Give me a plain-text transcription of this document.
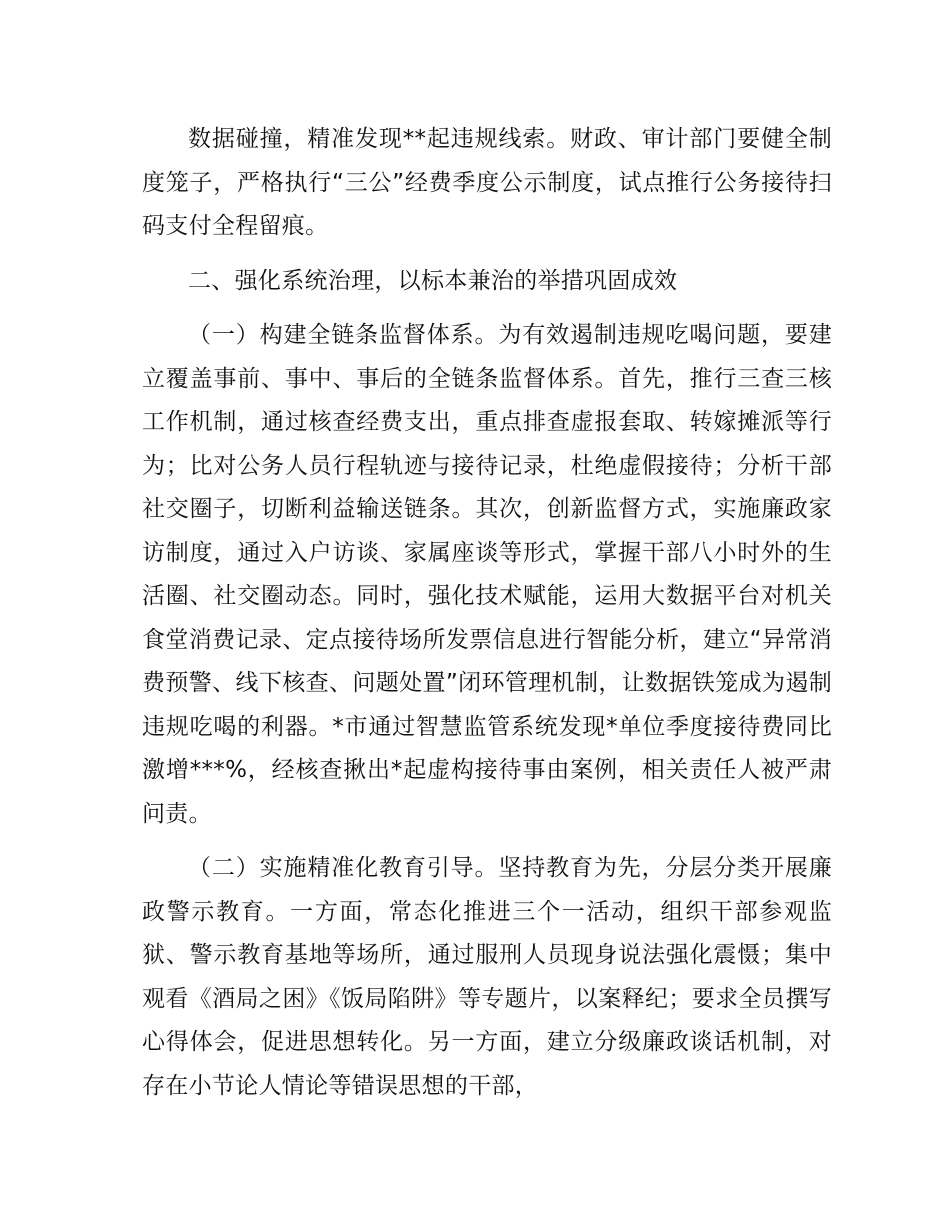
数据碰撞，精准发现**起违规线索。财政、审计部门要健全制度笼子，严格执行“三公”经费季度公示制度，试点推行公务接待扫码支付全程留痕。

二、强化系统治理，以标本兼治的举措巩固成效

（一）构建全链条监督体系。为有效遏制违规吃喝问题，要建立覆盖事前、事中、事后的全链条监督体系。首先，推行三查三核工作机制，通过核查经费支出，重点排查虚报套取、转嫁摊派等行为；比对公务人员行程轨迹与接待记录，杜绝虚假接待；分析干部社交圈子，切断利益输送链条。其次，创新监督方式，实施廉政家访制度，通过入户访谈、家属座谈等形式，掌握干部八小时外的生活圈、社交圈动态。同时，强化技术赋能，运用大数据平台对机关食堂消费记录、定点接待场所发票信息进行智能分析，建立“异常消费预警、线下核查、问题处置”闭环管理机制，让数据铁笼成为遏制违规吃喝的利器。*市通过智慧监管系统发现*单位季度接待费同比激增***%，经核查揪出*起虚构接待事由案例，相关责任人被严肃问责。

（二）实施精准化教育引导。坚持教育为先，分层分类开展廉政警示教育。一方面，常态化推进三个一活动，组织干部参观监狱、警示教育基地等场所，通过服刑人员现身说法强化震慑；集中观看《酒局之困》《饭局陷阱》等专题片，以案释纪；要求全员撰写心得体会，促进思想转化。另一方面，建立分级廉政谈话机制，对存在小节论人情论等错误思想的干部，
